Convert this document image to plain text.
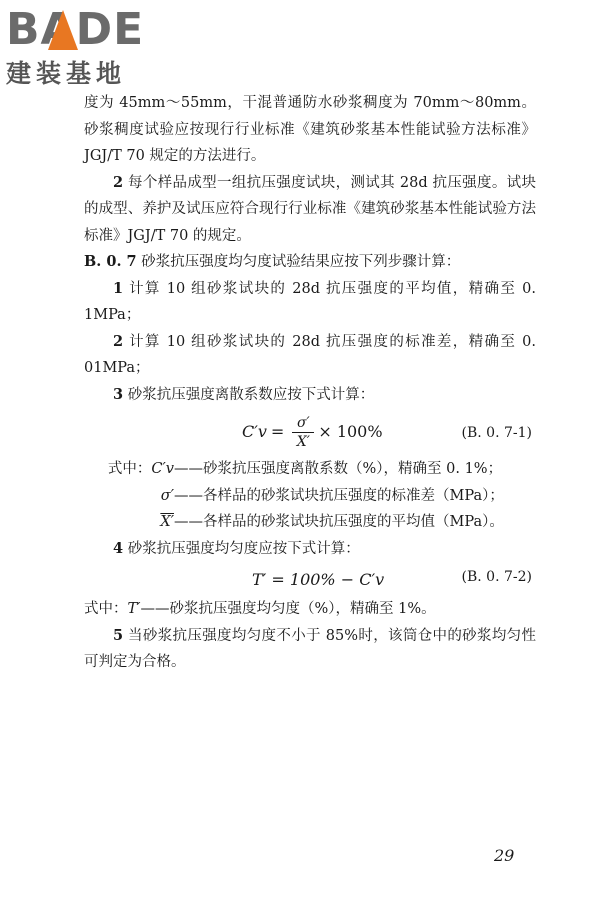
BADE
建装基地

度为 45mm～55mm，干混普通防水砂浆稠度为 70mm～80mm。砂浆稠度试验应按现行行业标准《建筑砂浆基本性能试验方法标准》JGJ/T 70 规定的方法进行。

2 每个样品成型一组抗压强度试块，测试其 28d 抗压强度。试块的成型、养护及试压应符合现行行业标准《建筑砂浆基本性能试验方法标准》JGJ/T 70 的规定。

B. 0. 7 砂浆抗压强度均匀度试验结果应按下列步骤计算：

1 计算 10 组砂浆试块的 28d 抗压强度的平均值，精确至 0. 1MPa；

2 计算 10 组砂浆试块的 28d 抗压强度的标准差，精确至 0. 01MPa；

3 砂浆抗压强度离散系数应按下式计算：

$C'v = \frac{\sigma'}{X'} \times 100\%$	(B. 0. 7-1)
式中：C′v ——砂浆抗压强度离散系数（%），精确至 0. 1%；
σ′ ——各样品的砂浆试块抗压强度的标准差（MPa）；
X′ ——各样品的砂浆试块抗压强度的平均值（MPa）。

4 砂浆抗压强度均匀度应按下式计算：

T′ = 100% − C′v	(B. 0. 7-2)
式中：T′ ——砂浆抗压强度均匀度（%），精确至 1%。

5 当砂浆抗压强度均匀度不小于 85%时，该筒仓中的砂浆均匀性可判定为合格。

29
